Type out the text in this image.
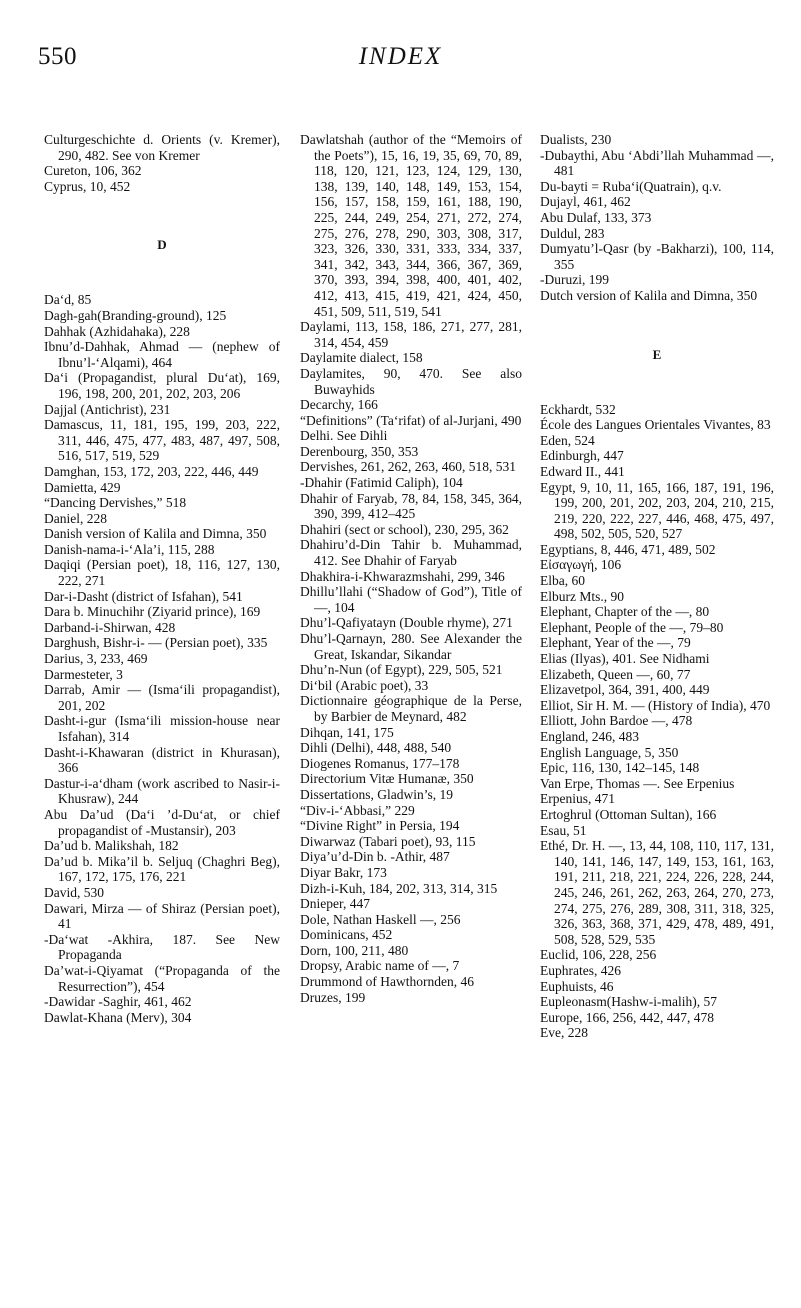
550	INDEX
Culturgeschichte d. Orients (v. Kremer), 290, 482. See von Kremer
Cureton, 106, 362
Cyprus, 10, 452
D
Da‘d, 85
Dagh-gah(Branding-ground), 125
Dahhak (Azhidahaka), 228
Ibnu’d-Dahhak, Ahmad — (nephew of Ibnu’l-‘Alqami), 464
Da‘i (Propagandist, plural Du‘at), 169, 196, 198, 200, 201, 202, 203, 206
Dajjal (Antichrist), 231
Damascus, 11, 181, 195, 199, 203, 222, 311, 446, 475, 477, 483, 487, 497, 508, 516, 517, 519, 529
Damghan, 153, 172, 203, 222, 446, 449
Damietta, 429
“Dancing Dervishes,” 518
Daniel, 228
Danish version of Kalila and Dimna, 350
Danish-nama-i-‘Ala’i, 115, 288
Daqiqi (Persian poet), 18, 116, 127, 130, 222, 271
Dar-i-Dasht (district of Isfahan), 541
Dara b. Minuchihr (Ziyarid prince), 169
Darband-i-Shirwan, 428
Darghush, Bishr-i- — (Persian poet), 335
Darius, 3, 233, 469
Darmesteter, 3
Darrab, Amir — (Isma‘ili propagandist), 201, 202
Dasht-i-gur (Isma‘ili mission-house near Isfahan), 314
Dasht-i-Khawaran (district in Khurasan), 366
Dastur-i-a‘dham (work ascribed to Nasir-i-Khusraw), 244
Abu Da’ud (Da‘i ’d-Du‘at, or chief propagandist of -Mustansir), 203
Da’ud b. Malikshah, 182
Da’ud b. Mika’il b. Seljuq (Chaghri Beg), 167, 172, 175, 176, 221
David, 530
Dawari, Mirza — of Shiraz (Persian poet), 41
-Da‘wat -Akhira, 187. See New Propaganda
Da’wat-i-Qiyamat (“Propaganda of the Resurrection”), 454
-Dawidar -Saghir, 461, 462
Dawlat-Khana (Merv), 304
Dawlatshah (author of the “Memoirs of the Poets”), 15, 16, 19, 35, 69, 70, 89, 118, 120, 121, 123, 124, 129, 130, 138, 139, 140, 148, 149, 153, 154, 156, 157, 158, 159, 161, 188, 190, 225, 244, 249, 254, 271, 272, 274, 275, 276, 278, 290, 303, 308, 317, 323, 326, 330, 331, 333, 334, 337, 341, 342, 343, 344, 366, 367, 369, 370, 393, 394, 398, 400, 401, 402, 412, 413, 415, 419, 421, 424, 450, 451, 509, 511, 519, 541
Daylami, 113, 158, 186, 271, 277, 281, 314, 454, 459
Daylamite dialect, 158
Daylamites, 90, 470. See also Buwayhids
Decarchy, 166
“Definitions” (Ta‘rifat) of al-Jurjani, 490
Delhi. See Dihli
Derenbourg, 350, 353
Dervishes, 261, 262, 263, 460, 518, 531
-Dhahir (Fatimid Caliph), 104
Dhahir of Faryab, 78, 84, 158, 345, 364, 390, 399, 412–425
Dhahiri (sect or school), 230, 295, 362
Dhahiru’d-Din Tahir b. Muhammad, 412. See Dhahir of Faryab
Dhakhira-i-Khwarazmshahi, 299, 346
Dhillu’llahi (“Shadow of God”), Title of —, 104
Dhu’l-Qafiyatayn (Double rhyme), 271
Dhu’l-Qarnayn, 280. See Alexander the Great, Iskandar, Sikandar
Dhu’n-Nun (of Egypt), 229, 505, 521
Di‘bil (Arabic poet), 33
Dictionnaire géographique de la Perse, by Barbier de Meynard, 482
Dihqan, 141, 175
Dihli (Delhi), 448, 488, 540
Diogenes Romanus, 177–178
Directorium Vitæ Humanæ, 350
Dissertations, Gladwin’s, 19
“Div-i-‘Abbasi,” 229
“Divine Right” in Persia, 194
Diwarwaz (Tabari poet), 93, 115
Diya’u’d-Din b. -Athir, 487
Diyar Bakr, 173
Dizh-i-Kuh, 184, 202, 313, 314, 315
Dnieper, 447
Dole, Nathan Haskell —, 256
Dominicans, 452
Dorn, 100, 211, 480
Dropsy, Arabic name of —, 7
Drummond of Hawthornden, 46
Druzes, 199
Dualists, 230
-Dubaythi, Abu ‘Abdi’llah Muhammad —, 481
Du-bayti = Ruba‘i(Quatrain), q.v.
Dujayl, 461, 462
Abu Dulaf, 133, 373
Duldul, 283
Dumyatu’l-Qasr (by -Bakharzi), 100, 114, 355
-Duruzi, 199
Dutch version of Kalila and Dimna, 350
E
Eckhardt, 532
École des Langues Orientales Vivantes, 83
Eden, 524
Edinburgh, 447
Edward II., 441
Egypt, 9, 10, 11, 165, 166, 187, 191, 196, 199, 200, 201, 202, 203, 204, 210, 215, 219, 220, 222, 227, 446, 468, 475, 497, 498, 502, 505, 520, 527
Egyptians, 8, 446, 471, 489, 502
Εἰσαγωγή, 106
Elba, 60
Elburz Mts., 90
Elephant, Chapter of the —, 80
Elephant, People of the —, 79–80
Elephant, Year of the —, 79
Elias (Ilyas), 401. See Nidhami
Elizabeth, Queen —, 60, 77
Elizavetpol, 364, 391, 400, 449
Elliot, Sir H. M. — (History of India), 470
Elliott, John Bardoe —, 478
England, 246, 483
English Language, 5, 350
Epic, 116, 130, 142–145, 148
Van Erpe, Thomas —. See Erpenius
Erpenius, 471
Ertoghrul (Ottoman Sultan), 166
Esau, 51
Ethé, Dr. H. —, 13, 44, 108, 110, 117, 131, 140, 141, 146, 147, 149, 153, 161, 163, 191, 211, 218, 221, 224, 226, 228, 244, 245, 246, 261, 262, 263, 264, 270, 273, 274, 275, 276, 289, 308, 311, 318, 325, 326, 363, 368, 371, 429, 478, 489, 491, 508, 528, 529, 535
Euclid, 106, 228, 256
Euphrates, 426
Euphuists, 46
Eupleonasm(Hashw-i-malih), 57
Europe, 166, 256, 442, 447, 478
Eve, 228
